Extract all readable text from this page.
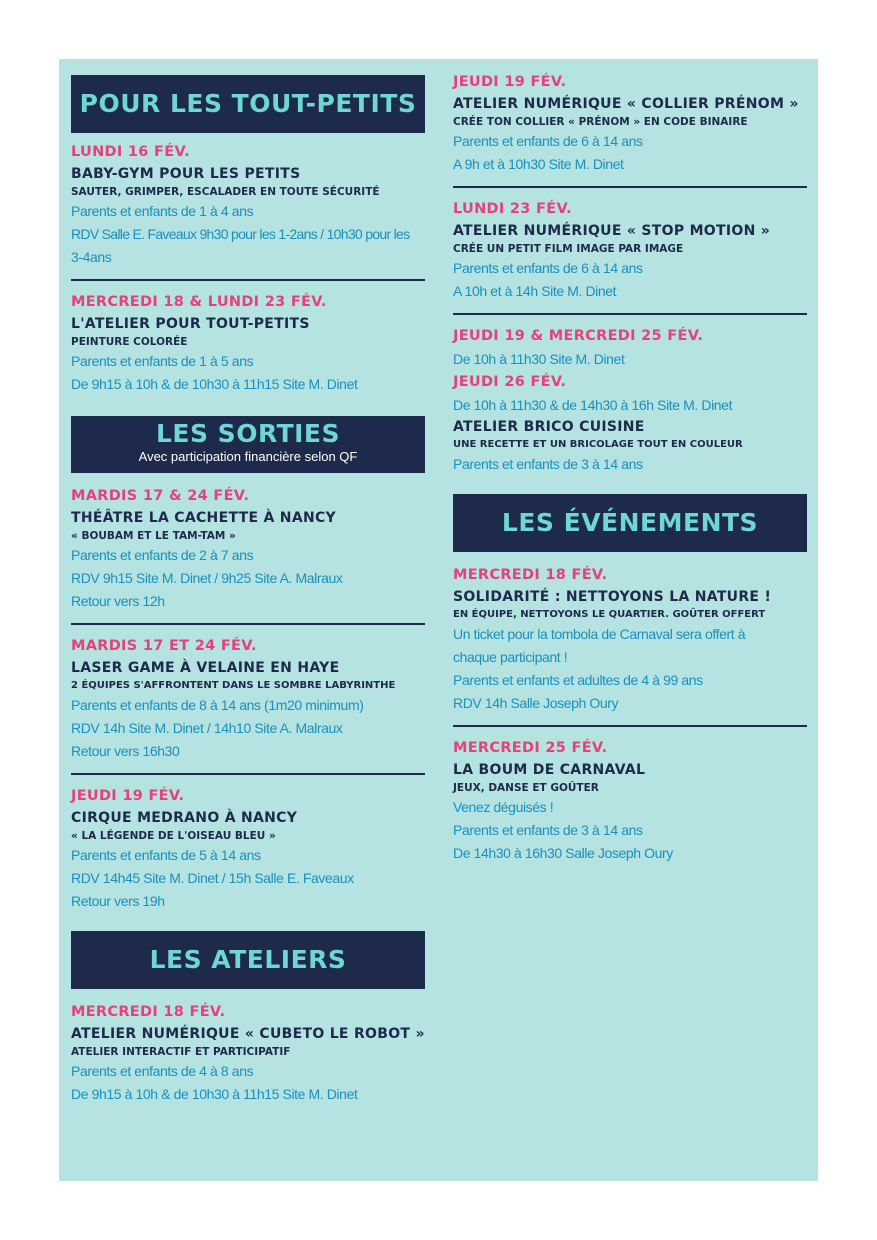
POUR LES TOUT-PETITS
LUNDI 16 FÉV.
BABY-GYM POUR LES PETITS
SAUTER, GRIMPER, ESCALADER EN TOUTE SÉCURITÉ
Parents et enfants de 1 à 4 ans
RDV Salle E. Faveaux 9h30 pour les 1-2ans / 10h30 pour les
3-4ans
MERCREDI 18 & LUNDI 23 FÉV.
L'ATELIER POUR TOUT-PETITS
PEINTURE COLORÉE
Parents et enfants de 1 à 5 ans
De 9h15 à 10h & de 10h30 à 11h15 Site M. Dinet
LES SORTIES
Avec participation financière selon QF
MARDIS 17 & 24 FÉV.
THÉÂTRE LA CACHETTE À NANCY
« BOUBAM ET LE TAM-TAM »
Parents et enfants de 2 à 7 ans
RDV 9h15 Site M. Dinet / 9h25 Site A. Malraux
Retour vers 12h
MARDIS 17 ET 24 FÉV.
LASER GAME À VELAINE EN HAYE
2 ÉQUIPES S'AFFRONTENT DANS LE SOMBRE LABYRINTHE
Parents et enfants de 8 à 14 ans (1m20 minimum)
RDV 14h Site M. Dinet / 14h10 Site A. Malraux
Retour vers 16h30
JEUDI 19 FÉV.
CIRQUE MEDRANO À NANCY
« LA LÉGENDE DE L'OISEAU BLEU »
Parents et enfants de 5 à 14 ans
RDV 14h45 Site M. Dinet / 15h Salle E. Faveaux
Retour vers 19h
LES ATELIERS
MERCREDI 18 FÉV.
ATELIER NUMÉRIQUE « CUBETO LE ROBOT »
ATELIER INTERACTIF ET PARTICIPATIF
Parents et enfants de 4 à 8 ans
De 9h15 à 10h & de 10h30 à 11h15 Site M. Dinet
JEUDI 19 FÉV.
ATELIER NUMÉRIQUE « COLLIER PRÉNOM »
CRÉE TON COLLIER « PRÉNOM » EN CODE BINAIRE
Parents et enfants de 6 à 14 ans
A 9h et à 10h30 Site M. Dinet
LUNDI 23 FÉV.
ATELIER NUMÉRIQUE « STOP MOTION »
CRÉE UN PETIT FILM IMAGE PAR IMAGE
Parents et enfants de 6 à 14 ans
A 10h et à 14h Site M. Dinet
JEUDI 19 & MERCREDI 25 FÉV.
De 10h à 11h30 Site M. Dinet
JEUDI 26 FÉV.
De 10h à 11h30 & de 14h30 à 16h Site M. Dinet
ATELIER BRICO CUISINE
UNE RECETTE ET UN BRICOLAGE TOUT EN COULEUR
Parents et enfants de 3 à 14 ans
LES ÉVÉNEMENTS
MERCREDI 18 FÉV.
SOLIDARITÉ : NETTOYONS LA NATURE !
EN ÉQUIPE, NETTOYONS LE QUARTIER. GOÛTER OFFERT
Un ticket pour la tombola de Carnaval sera offert à
chaque participant !
Parents et enfants et adultes de 4 à 99 ans
RDV 14h Salle Joseph Oury
MERCREDI 25 FÉV.
LA BOUM DE CARNAVAL
JEUX, DANSE ET GOÛTER
Venez déguisés !
Parents et enfants de 3 à 14 ans
De 14h30 à 16h30 Salle Joseph Oury
